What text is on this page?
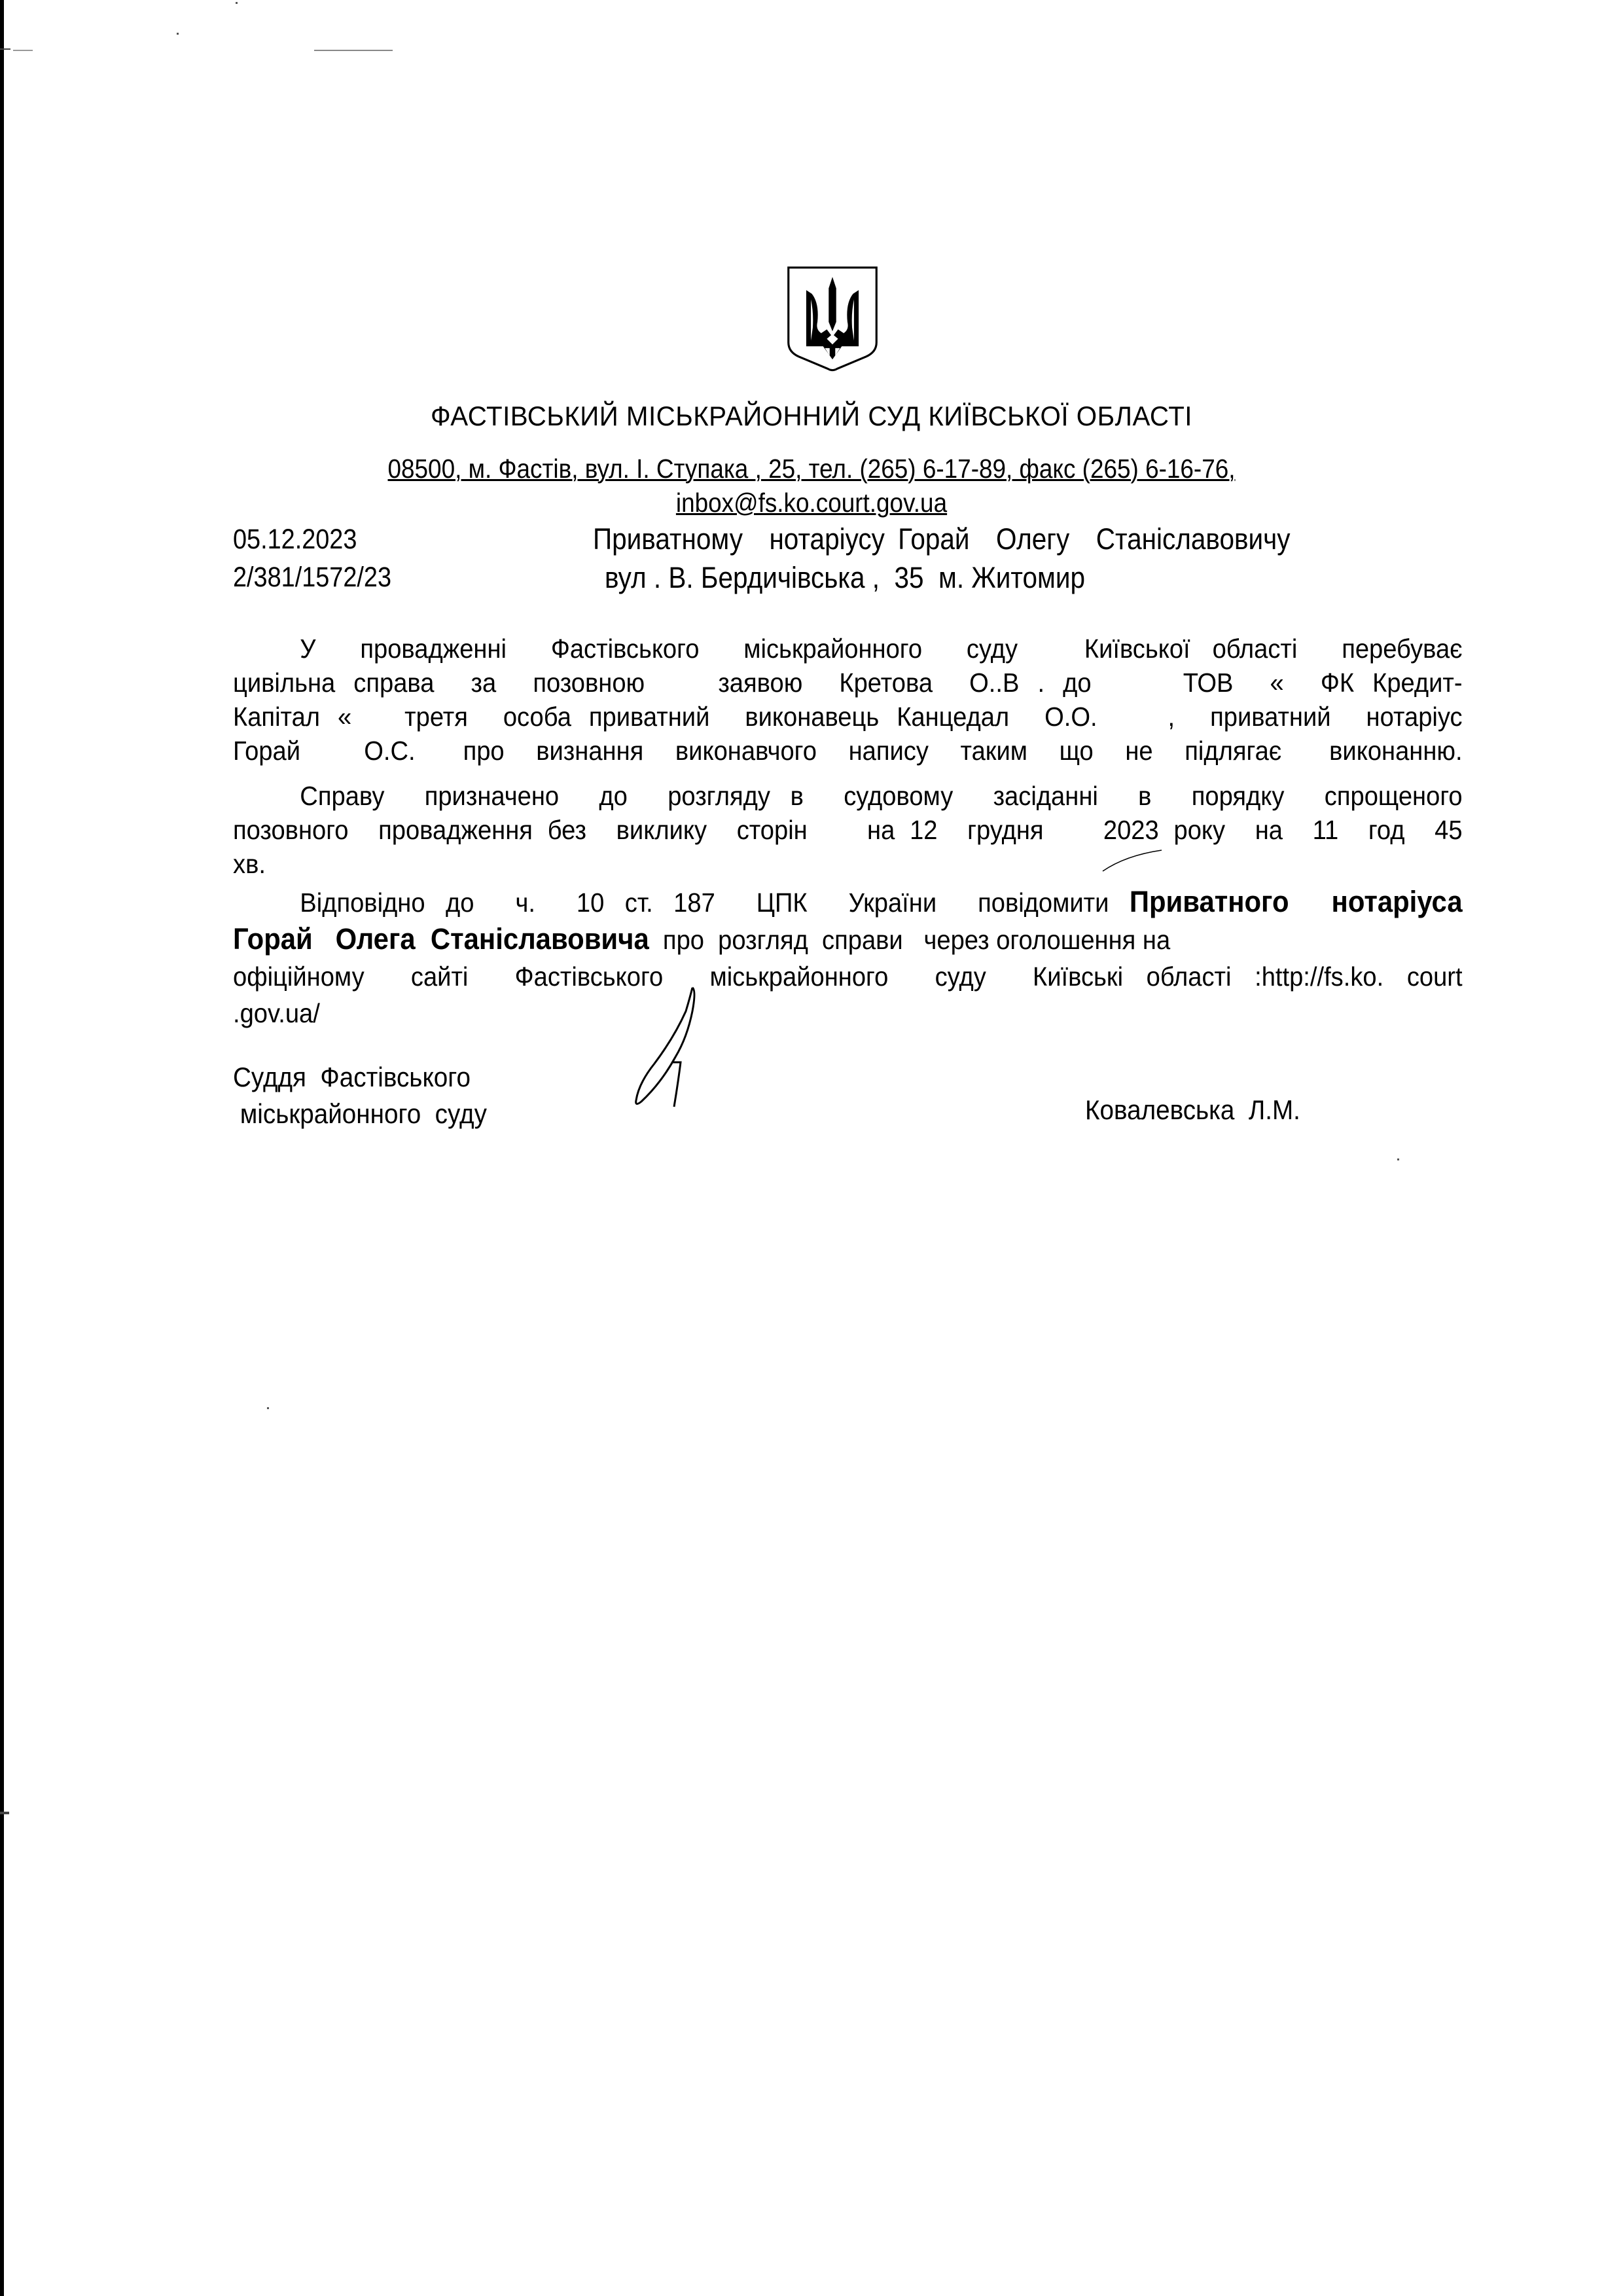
ФАСТІВСЬКИЙ МІСЬКРАЙОННИЙ СУД КИЇВСЬКОЇ ОБЛАСТІ
08500, м. Фастів, вул. І. Ступака , 25, тел. (265) 6-17-89, факс (265) 6-16-76,
inbox@fs.ko.court.gov.ua
05.12.2023
2/381/1572/23
Приватному  нотаріусу Горай  Олегу  Станіславовичу
вул . В. Бердичівська ,  35  м. Житомир
У  провадженні  Фастівського  міськрайонного  суду   Київської області  перебуває
цивільна справа  за  позовною    заявою  Кретова  О..В . до     ТОВ  «  ФК Кредит-
Капітал «   третя  особа приватний  виконавець Канцедал  О.О.    ,  приватний  нотаріус
Горай    О.С.   про  визнання  виконавчого  напису  таким  що  не  підлягає   виконанню.
Справу  призначено  до  розгляду в  судовому  засіданні  в  порядку  спрощеного
позовного  провадження без  виклику  сторін    на 12  грудня    2023 року  на  11  год  45
хв.
Відповідно до  ч.  10 ст. 187  ЦПК  України  повідомити Приватного  нотаріуса
Горай   Олега  Станіславовича  про  розгляд  справи   через оголошення на
офіційному  сайті  Фастівського  міськрайонного  суду  Київські області :http://fs.ko. court
.gov.ua/
Суддя  Фастівського
міськрайонного  суду	Ковалевська  Л.М.
